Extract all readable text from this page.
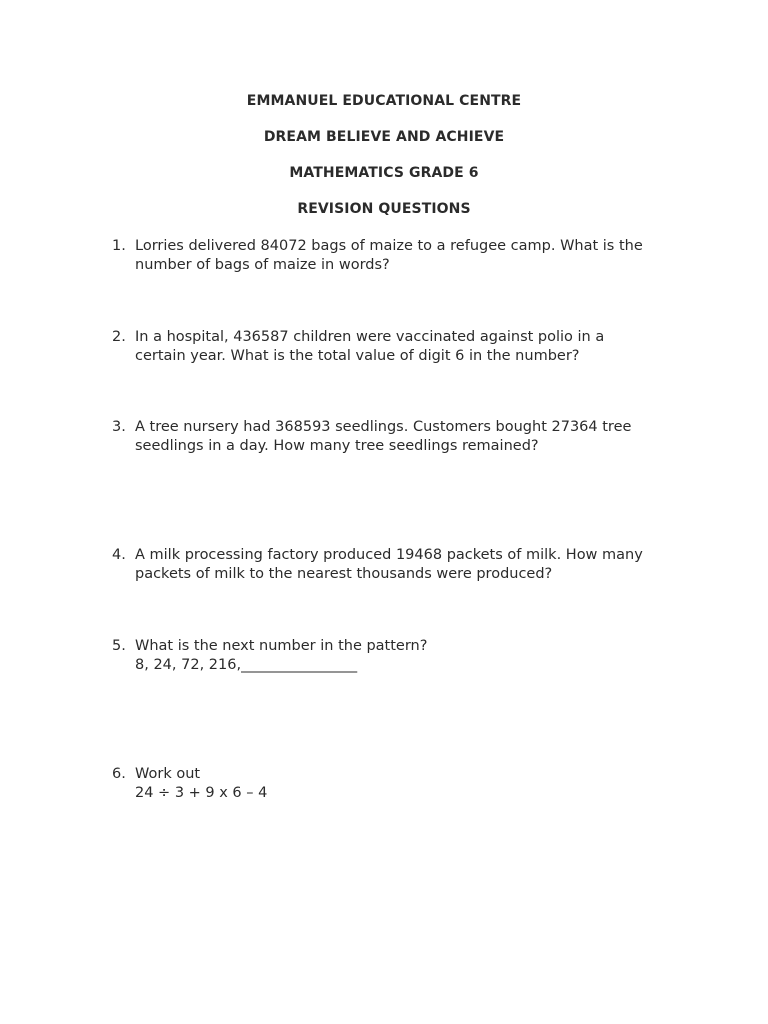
EMMANUEL EDUCATIONAL CENTRE
DREAM BELIEVE AND ACHIEVE
MATHEMATICS GRADE 6
REVISION QUESTIONS
1. Lorries delivered 84072 bags of maize to a refugee camp. What is the
number of bags of maize in words?
2. In a hospital, 436587 children were vaccinated against polio in a
certain year. What is the total value of digit 6 in the number?
3. A tree nursery had 368593 seedlings. Customers bought 27364 tree
seedlings in a day. How many tree seedlings remained?
4. A milk processing factory produced 19468 packets of milk. How many
packets of milk to the nearest thousands were produced?
5. What is the next number in the pattern?
8, 24, 72, 216,________________
6. Work out
24 ÷ 3 + 9 x 6 – 4
